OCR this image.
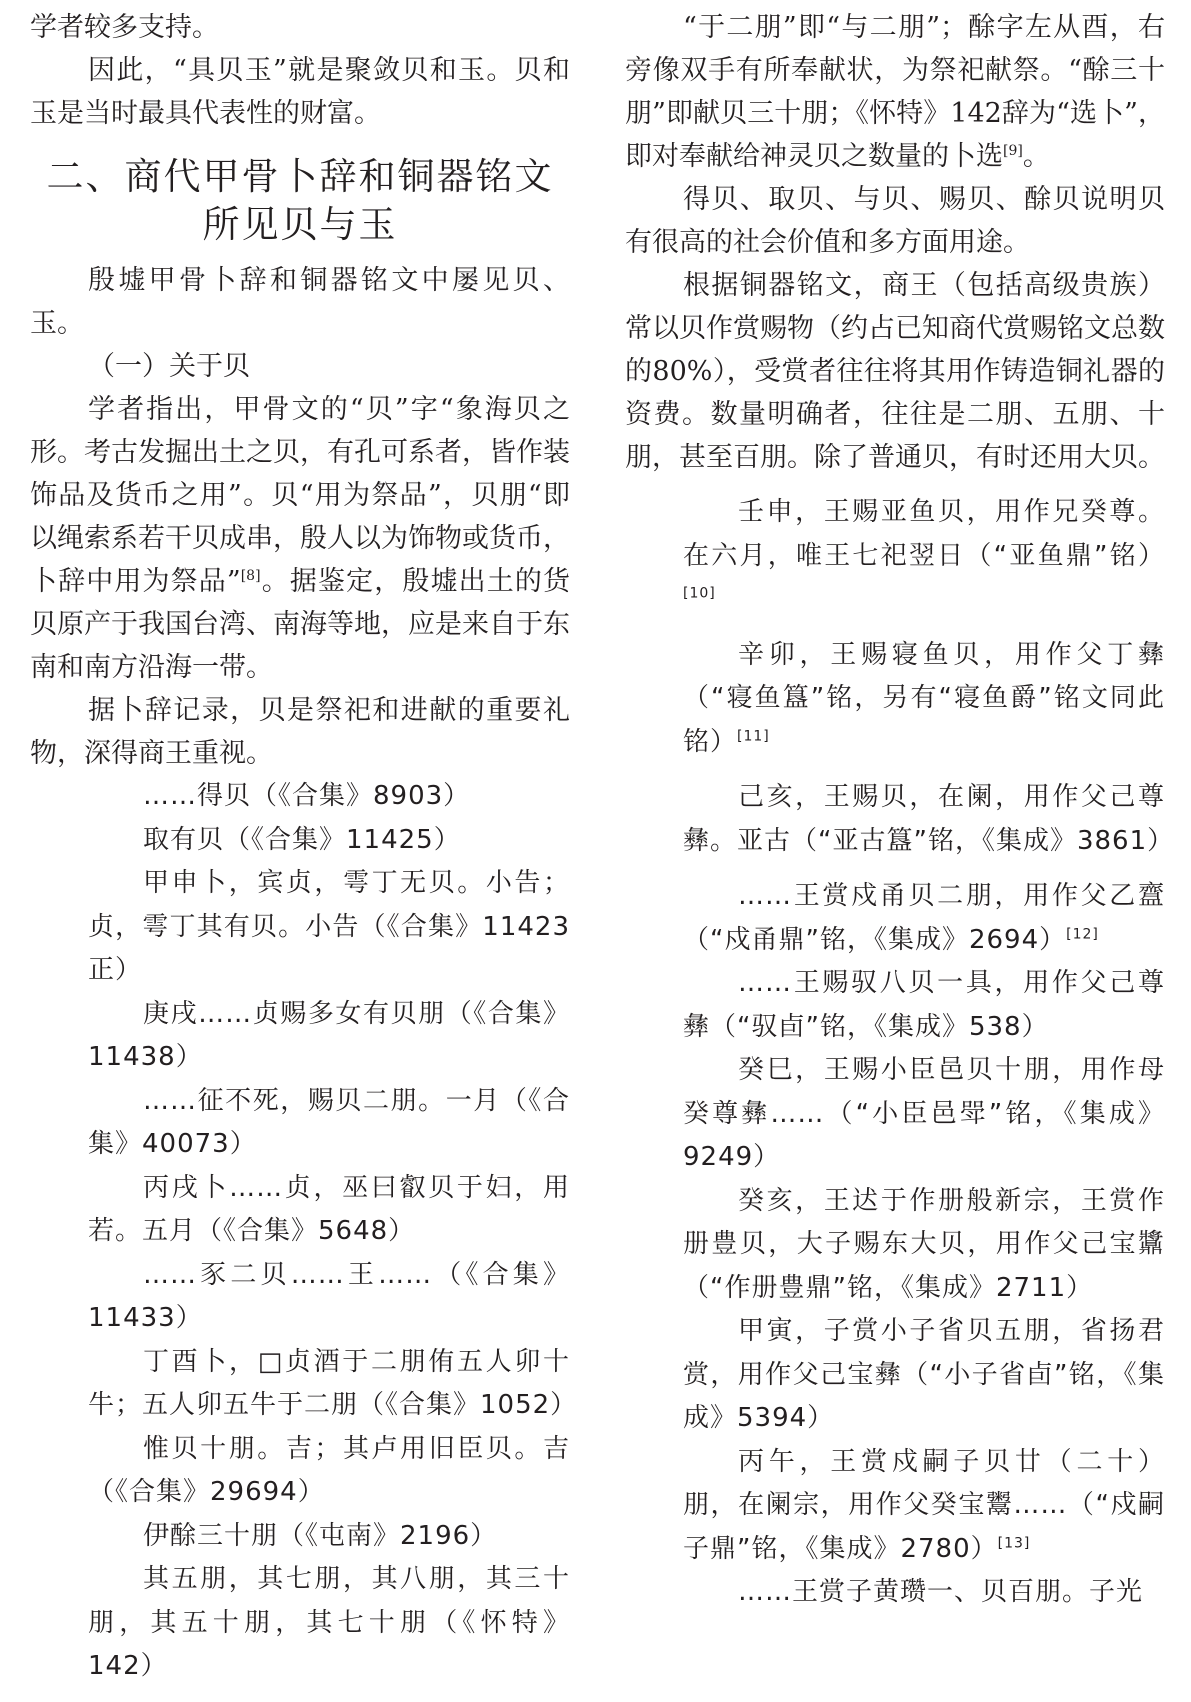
学者较多支持。

因此，“具贝玉”就是聚敛贝和玉。贝和玉是当时最具代表性的财富。

二、商代甲骨卜辞和铜器铭文所见贝与玉

殷墟甲骨卜辞和铜器铭文中屡见贝、玉。

（一）关于贝

学者指出，甲骨文的“贝”字“象海贝之形。考古发掘出土之贝，有孔可系者，皆作装饰品及货币之用”。贝“用为祭品”，贝朋“即以绳索系若干贝成串，殷人以为饰物或货币，卜辞中用为祭品”[8]。据鉴定，殷墟出土的货贝原产于我国台湾、南海等地，应是来自于东南和南方沿海一带。

据卜辞记录，贝是祭祀和进献的重要礼物，深得商王重视。

……得贝（《合集》8903）

取有贝（《合集》11425）

甲申卜，宾贞，雩丁无贝。小告；贞，雩丁其有贝。小告（《合集》11423正）

庚戌……贞赐多女有贝朋（《合集》11438）

……征不死，赐贝二朋。一月（《合集》40073）

丙戌卜……贞，巫曰叡贝于妇，用若。五月（《合集》5648）

……豕二贝……王……（《合集》11433）

丁酉卜，□贞酒于二朋侑五人卯十牛；五人卯五牛于二朋（《合集》1052）

惟贝十朋。吉；其卢用旧臣贝。吉（《合集》29694）

伊酴三十朋（《屯南》2196）

其五朋，其七朋，其八朋，其三十朋，其五十朋，其七十朋（《怀特》142）

“于二朋”即“与二朋”；酴字左从酉，右旁像双手有所奉献状，为祭祀献祭。“酴三十朋”即献贝三十朋；《怀特》142辞为“选卜”，即对奉献给神灵贝之数量的卜选[9]。

得贝、取贝、与贝、赐贝、酴贝说明贝有很高的社会价值和多方面用途。

根据铜器铭文，商王（包括高级贵族）常以贝作赏赐物（约占已知商代赏赐铭文总数的80%），受赏者往往将其用作铸造铜礼器的资费。数量明确者，往往是二朋、五朋、十朋，甚至百朋。除了普通贝，有时还用大贝。

壬申，王赐亚鱼贝，用作兄癸尊。在六月，唯王七祀翌日（“亚鱼鼎”铭）[10]

辛卯，王赐寝鱼贝，用作父丁彝（“寝鱼簋”铭，另有“寝鱼爵”铭文同此铭）[11]

己亥，王赐贝，在阑，用作父己尊彝。亚古（“亚古簋”铭，《集成》3861）

……王赏戍甬贝二朋，用作父乙齍（“戍甬鼎”铭，《集成》2694）[12]

……王赐驭八贝一具，用作父己尊彝（“驭卣”铭，《集成》538）

癸巳，王赐小臣邑贝十朋，用作母癸尊彝……（“小臣邑斝”铭，《集成》9249）

癸亥，王迖于作册般新宗，王赏作册豊贝，大子赐东大贝，用作父己宝䵼（“作册豊鼎”铭，《集成》2711）

甲寅，子赏小子省贝五朋，省扬君赏，用作父己宝彝（“小子省卣”铭，《集成》5394）

丙午，王赏戍嗣子贝廿（二十）朋，在阑宗，用作父癸宝鬻……（“戍嗣子鼎”铭，《集成》2780）[13]

……王赏子黄瓒一、贝百朋。子光
